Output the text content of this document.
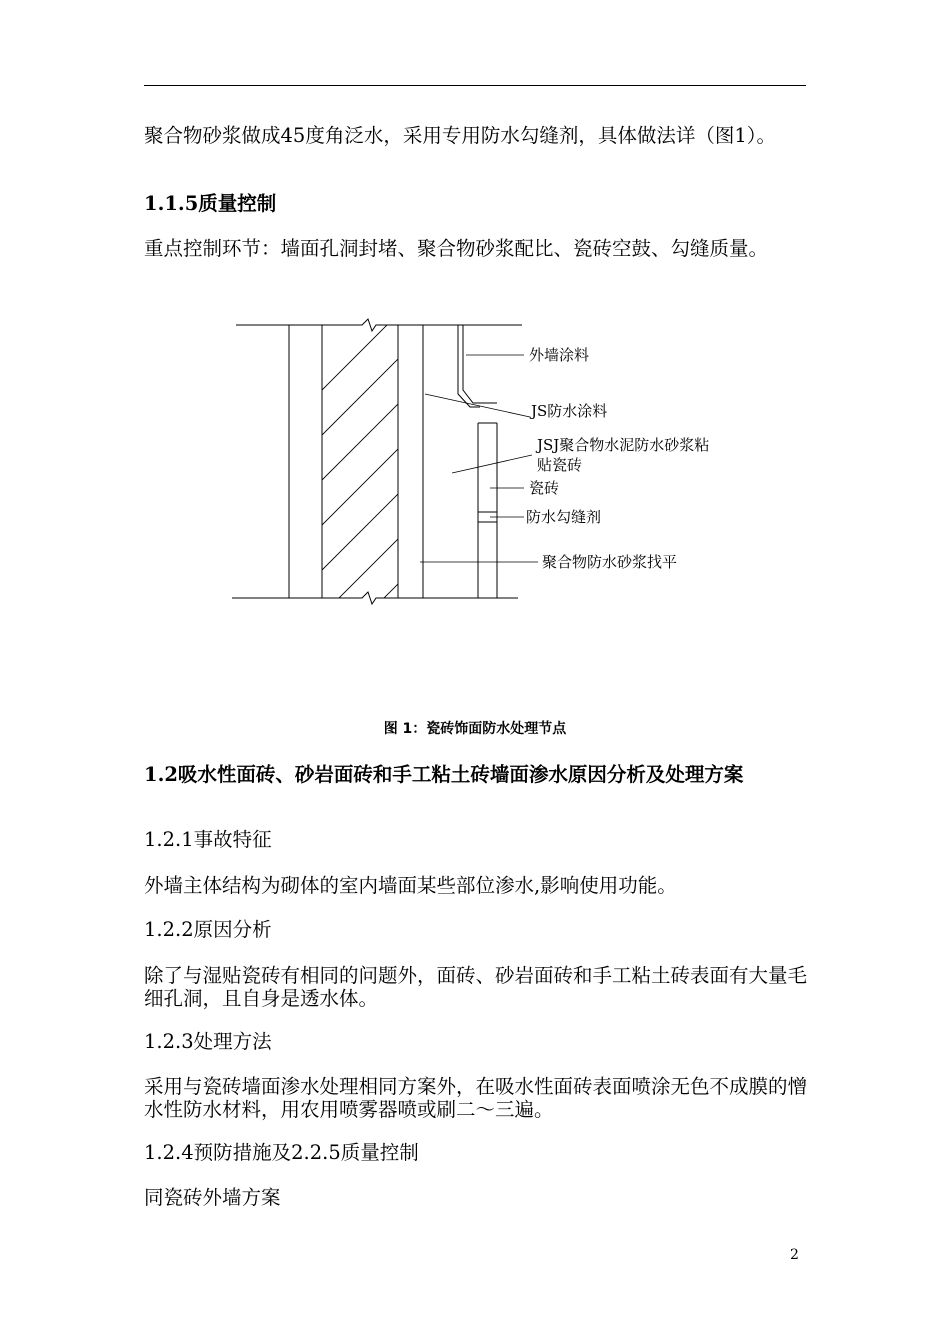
聚合物砂浆做成45度角泛水，采用专用防水勾缝剂，具体做法详（图1）。

1.1.5质量控制

重点控制环节：墙面孔洞封堵、聚合物砂浆配比、瓷砖空鼓、勾缝质量。

外墙涂料
JS防水涂料
JSJ聚合物水泥防水砂浆粘
贴瓷砖
瓷砖
防水勾缝剂
聚合物防水砂浆找平
图 1：瓷砖饰面防水处理节点

1.2吸水性面砖、砂岩面砖和手工粘土砖墙面渗水原因分析及处理方案

1.2.1事故特征

外墙主体结构为砌体的室内墙面某些部位渗水,影响使用功能。

1.2.2原因分析

除了与湿贴瓷砖有相同的问题外，面砖、砂岩面砖和手工粘土砖表面有大量毛细孔洞，且自身是透水体。

1.2.3处理方法

采用与瓷砖墙面渗水处理相同方案外，在吸水性面砖表面喷涂无色不成膜的憎水性防水材料，用农用喷雾器喷或刷二～三遍。

1.2.4预防措施及2.2.5质量控制

同瓷砖外墙方案

2
